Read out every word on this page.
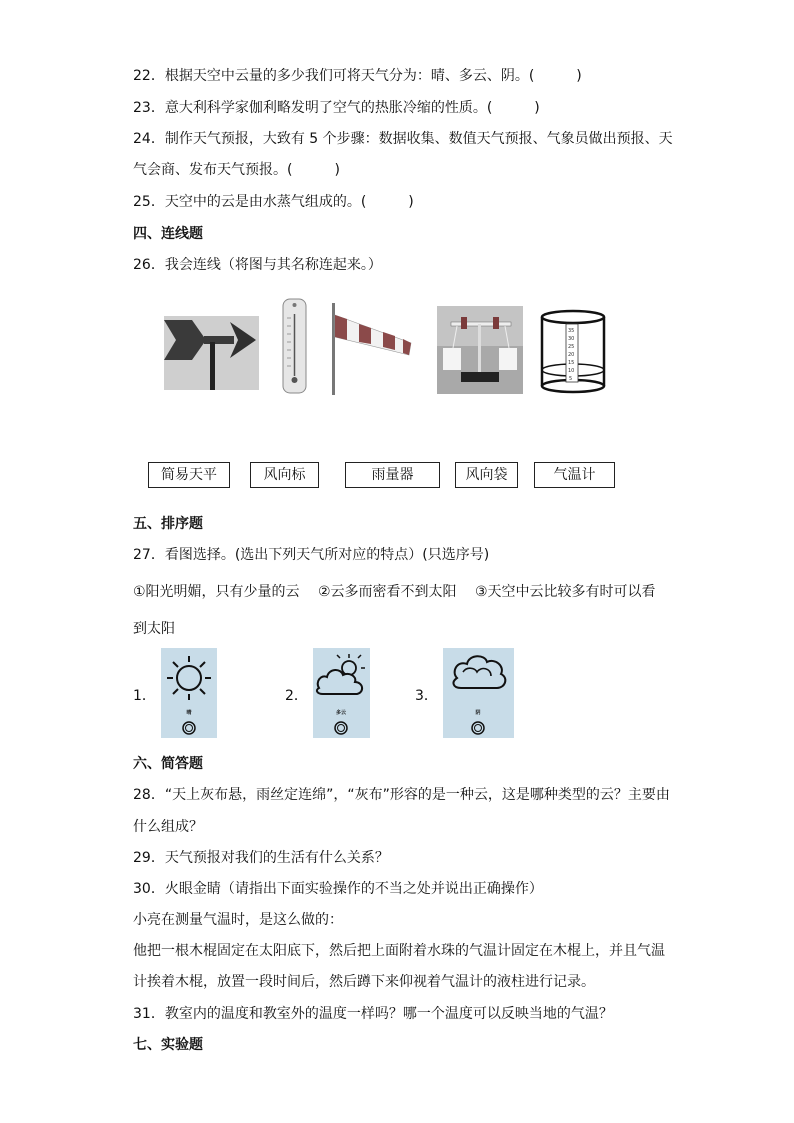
22．根据天空中云量的多少我们可将天气分为：晴、多云、阴。(　　　)
23．意大利科学家伽利略发明了空气的热胀冷缩的性质。(　　　)
24．制作天气预报，大致有 5 个步骤：数据收集、数值天气预报、气象员做出预报、天
气会商、发布天气预报。(　　　)
25．天空中的云是由水蒸气组成的。(　　　)
四、连线题
26．我会连线（将图与其名称连起来。）
35
30
25
20
15
10
5
简易天平	风向标	雨量器	风向袋	气温计
五、排序题
27．看图选择。(选出下列天气所对应的特点）(只选序号)
①阳光明媚，只有少量的云　 ②云多而密看不到太阳　 ③天空中云比较多有时可以看
到太阳
1．
晴
2．
多云
3．
阴
六、简答题
28．“天上灰布悬，雨丝定连绵”，“灰布”形容的是一种云，这是哪种类型的云？主要由
什么组成？
29．天气预报对我们的生活有什么关系？
30．火眼金睛（请指出下面实验操作的不当之处并说出正确操作）
小亮在测量气温时，是这么做的：
他把一根木棍固定在太阳底下，然后把上面附着水珠的气温计固定在木棍上，并且气温
计挨着木棍，放置一段时间后，然后蹲下来仰视着气温计的液柱进行记录。
31．教室内的温度和教室外的温度一样吗？哪一个温度可以反映当地的气温？
七、实验题
